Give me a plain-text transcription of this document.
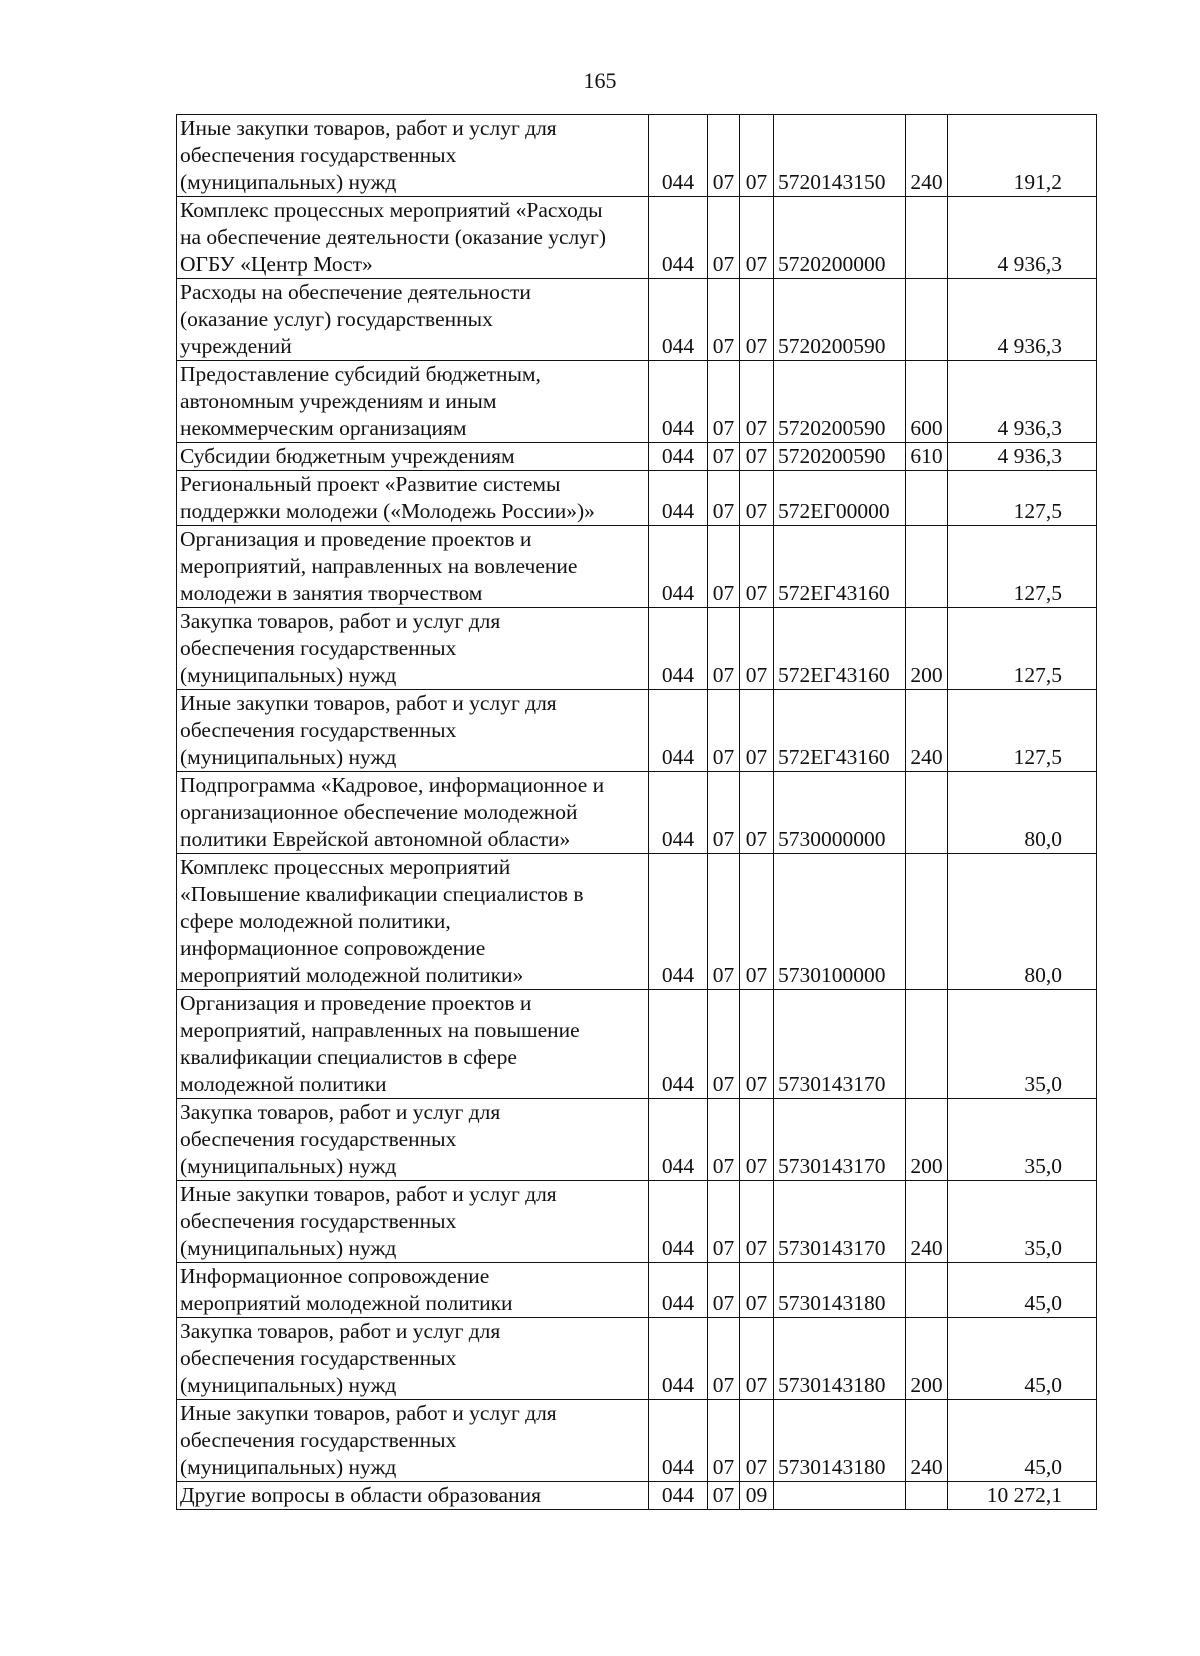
165
Иные закупки товаров, работ и услуг для
обеспечения государственных
(муниципальных) нужд	044	07	07	5720143150	240	191,2

Комплекс процессных мероприятий «Расходы
на обеспечение деятельности (оказание услуг)
ОГБУ «Центр Мост»	044	07	07	5720200000		4 936,3

Расходы на обеспечение деятельности
(оказание услуг) государственных
учреждений	044	07	07	5720200590		4 936,3

Предоставление субсидий бюджетным,
автономным учреждениям и иным
некоммерческим организациям	044	07	07	5720200590	600	4 936,3

Субсидии бюджетным учреждениям	044	07	07	5720200590	610	4 936,3

Региональный проект «Развитие системы
поддержки молодежи («Молодежь России»)»	044	07	07	572ЕГ00000		127,5

Организация и проведение проектов и
мероприятий, направленных на вовлечение
молодежи в занятия творчеством	044	07	07	572ЕГ43160		127,5

Закупка товаров, работ и услуг для
обеспечения государственных
(муниципальных) нужд	044	07	07	572ЕГ43160	200	127,5

Иные закупки товаров, работ и услуг для
обеспечения государственных
(муниципальных) нужд	044	07	07	572ЕГ43160	240	127,5

Подпрограмма «Кадровое, информационное и
организационное обеспечение молодежной
политики Еврейской автономной области»	044	07	07	5730000000		80,0

Комплекс процессных мероприятий
«Повышение квалификации специалистов в
сфере молодежной политики,
информационное сопровождение
мероприятий молодежной политики»	044	07	07	5730100000		80,0

Организация и проведение проектов и
мероприятий, направленных на повышение
квалификации специалистов в сфере
молодежной политики	044	07	07	5730143170		35,0

Закупка товаров, работ и услуг для
обеспечения государственных
(муниципальных) нужд	044	07	07	5730143170	200	35,0

Иные закупки товаров, работ и услуг для
обеспечения государственных
(муниципальных) нужд	044	07	07	5730143170	240	35,0

Информационное сопровождение
мероприятий молодежной политики	044	07	07	5730143180		45,0

Закупка товаров, работ и услуг для
обеспечения государственных
(муниципальных) нужд	044	07	07	5730143180	200	45,0

Иные закупки товаров, работ и услуг для
обеспечения государственных
(муниципальных) нужд	044	07	07	5730143180	240	45,0

Другие вопросы в области образования	044	07	09			10 272,1
